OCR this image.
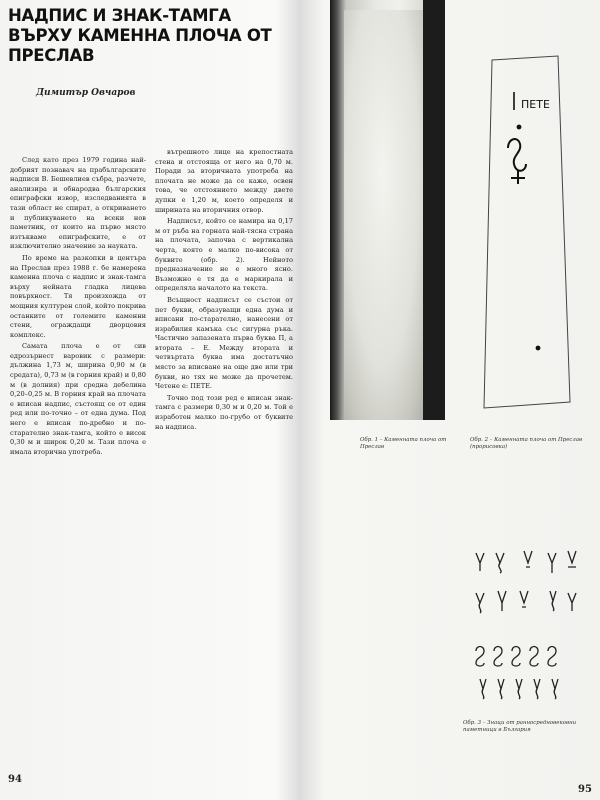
НАДПИС И ЗНАК-ТАМГА ВЪРХУ КАМЕННА ПЛОЧА ОТ ПРЕСЛАВ
Димитър Овчаров

След като през 1979 година най-добрият познавач на прабългарските надписи В. Бешевлиев събра, разчете, анализира и обнародва българския епиграфски извор, изследванията в тази област не спират, а откриването и публикуването на всеки нов паметник, от които на първо място изтъкваме епиграфските, е от изключително значение за науката.

По време на разкопки в центъра на Преслав през 1988 г. бе намерена каменна плоча с надпис и знак-тамга върху нейната гладка лицева повърхност. Тя произхожда от мощния културен слой, който покрива останките от големите каменни стени, ограждащи дворцовия комплекс.

Самата плоча е от сив едрозърнест варовик с размери: дължина 1,73 м, ширина 0,90 м (в средата), 0,73 м (в горния край) и 0,80 м (в долния) при средна дебелина 0,20–0,25 м. В горния край на плочата е вписан надпис, състоящ се от един ред или по-точно – от една дума. Под него е вписан по-дребно и по-старателно знак-тамга, който е висок 0,30 м и широк 0,20 м. Тази плоча е имала вторична употреба.

вътрешното лице на крепостната стена и отстояща от него на 0,70 м. Поради за вторичната употреба на плочата не може да се каже, освен това, че отстоянието между двете дупки е 1,20 м, което определя и ширината на вторичния отвор.

Надписът, който се намира на 0,17 м от ръба на горната най-тясна страна на плочата, започва с вертикална черта, която е малко по-висока от буквите (обр. 2). Нейното предназначение не е много ясно. Възможно е тя да е маркирала и определяла началото на текста.

Всъщност надписът се състои от пет букви, образуващи една дума и вписани по-старателно, нанесени от израбилия камъка със сигурна ръка. Частично запазената първа буква П, а втората – Е. Между втората и четвъртата буква има достатъчно място за вписване на още две или три букви, но тях не може да прочетем. Четене е: ПЕТЕ.

Точно под този ред е вписан знак-тамга с размери 0,30 м и 0,20 м. Той е изработен малко по-грубо от буквите на надписа.

94
Обр. 1 – Каменната плоча от Преслав
ПЕТЕ
Обр. 2 – Каменната плоча от Преслав (прорисовка)
Обр. 3 – Знаци от ранносредновековни паметници в България
95
